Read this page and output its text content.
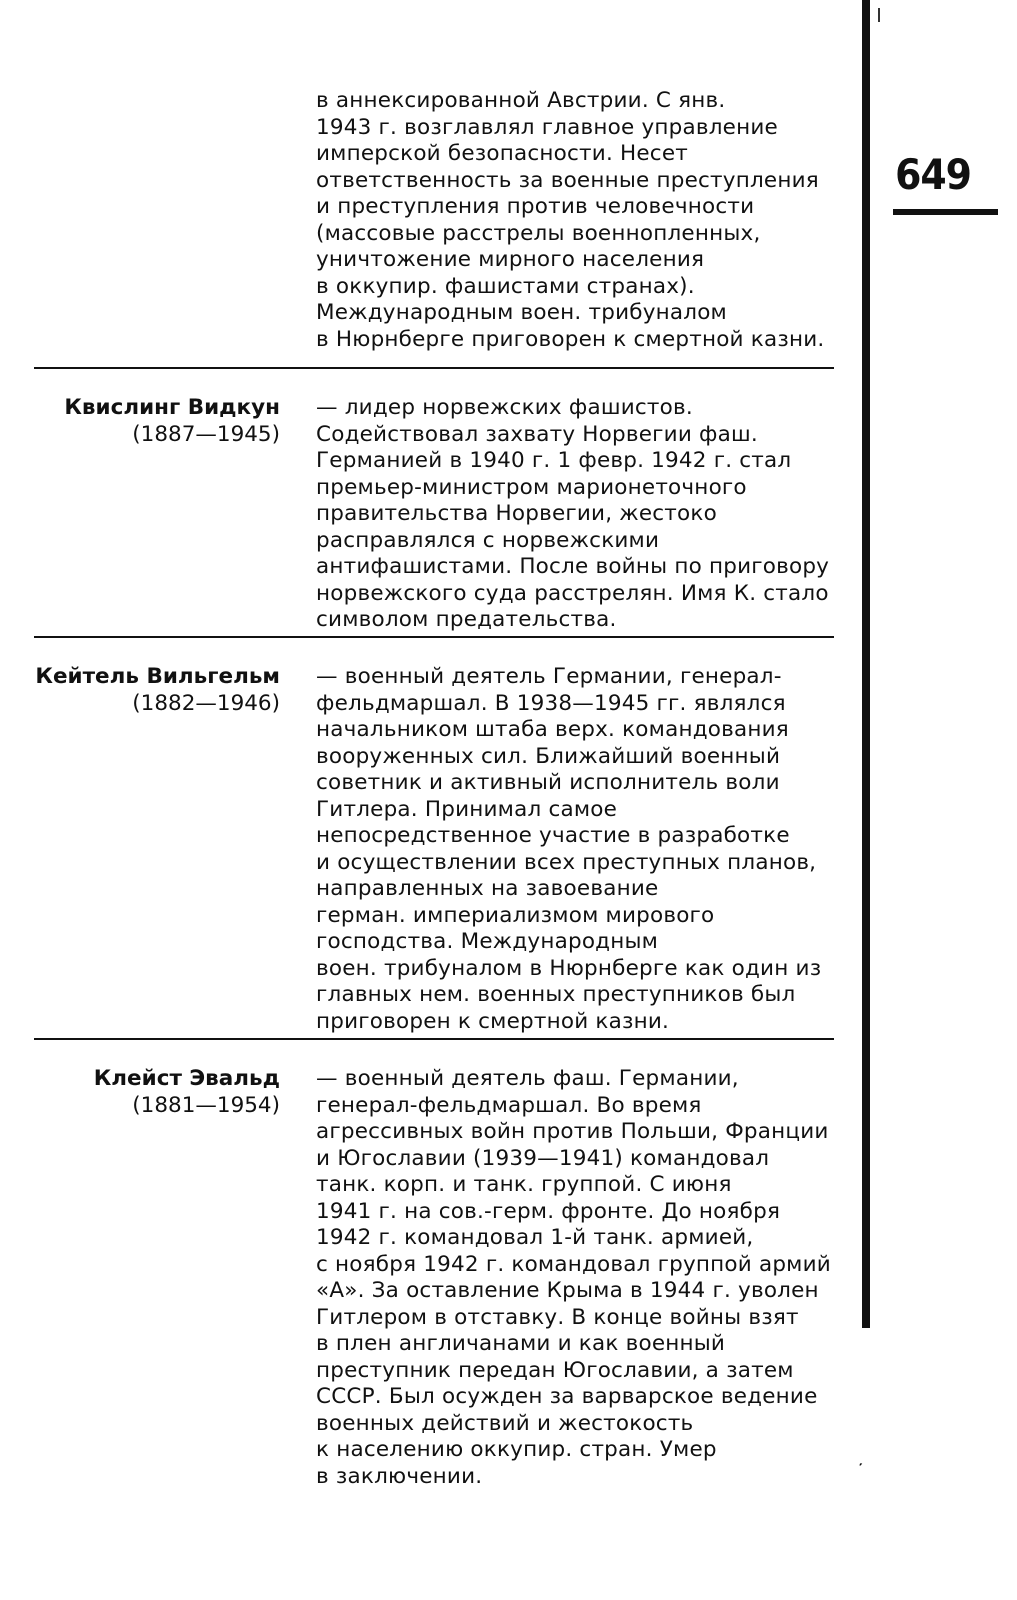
649
в аннексированной Австрии. С янв.
1943 г. возглавлял главное управление
имперской безопасности. Несет
ответственность за военные преступления
и преступления против человечности
(массовые расстрелы военнопленных,
уничтожение мирного населения
в оккупир. фашистами странах).
Международным воен. трибуналом
в Нюрнберге приговорен к смертной казни.
Квислинг Видкун
(1887—1945)
— лидер норвежских фашистов.
Содействовал захвату Норвегии фаш.
Германией в 1940 г. 1 февр. 1942 г. стал
премьер-министром марионеточного
правительства Норвегии, жестоко
расправлялся с норвежскими
антифашистами. После войны по приговору
норвежского суда расстрелян. Имя К. стало
символом предательства.
Кейтель Вильгельм
(1882—1946)
— военный деятель Германии, генерал-
фельдмаршал. В 1938—1945 гг. являлся
начальником штаба верх. командования
вооруженных сил. Ближайший военный
советник и активный исполнитель воли
Гитлера. Принимал самое
непосредственное участие в разработке
и осуществлении всех преступных планов,
направленных на завоевание
герман. империализмом мирового
господства. Международным
воен. трибуналом в Нюрнберге как один из
главных нем. военных преступников был
приговорен к смертной казни.
Клейст Эвальд
(1881—1954)
— военный деятель фаш. Германии,
генерал-фельдмаршал. Во время
агрессивных войн против Польши, Франции
и Югославии (1939—1941) командовал
танк. корп. и танк. группой. С июня
1941 г. на сов.-герм. фронте. До ноября
1942 г. командовал 1-й танк. армией,
с ноября 1942 г. командовал группой армий
«А». За оставление Крыма в 1944 г. уволен
Гитлером в отставку. В конце войны взят
в плен англичанами и как военный
преступник передан Югославии, а затем
СССР. Был осужден за варварское ведение
военных действий и жестокость
к населению оккупир. стран. Умер
в заключении.
